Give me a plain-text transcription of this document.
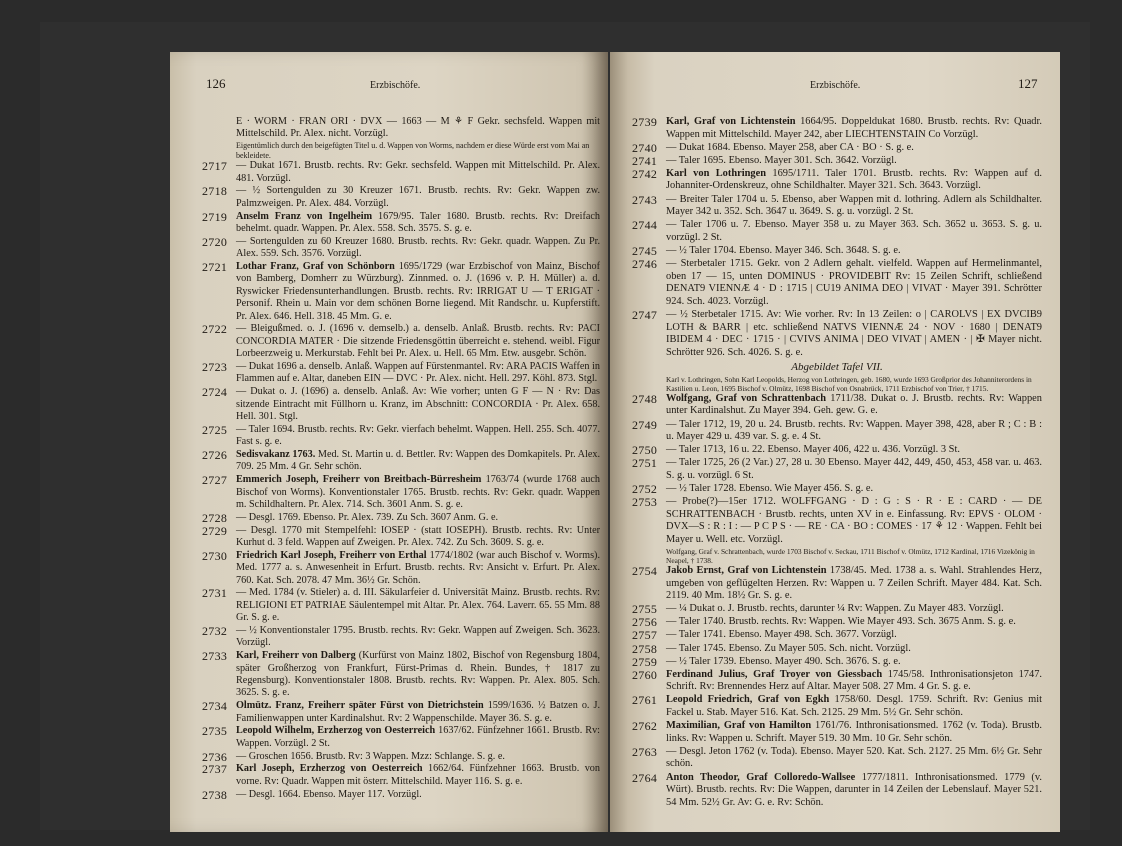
126	Erzbischöfe.
E · WORM · FRAN ORI · DVX — 1663 — M ⚘ F Gekr. sechsfeld. Wappen mit Mittelschild. Pr. Alex. nicht. Vorzügl.
Eigentümlich durch den beigefügten Titel u. d. Wappen von Worms, nachdem er diese Würde erst vom Mai an bekleidete.
2717 — Dukat 1671. Brustb. rechts. Rv: Gekr. sechsfeld. Wappen mit Mittelschild. Pr. Alex. 481. Vorzügl.
2718 — ½ Sortengulden zu 30 Kreuzer 1671. Brustb. rechts. Rv: Gekr. Wappen zw. Palmzweigen. Pr. Alex. 484. Vorzügl.
2719 Anselm Franz von Ingelheim 1679/95. Taler 1680. Brustb. rechts. Rv: Dreifach behelmt. quadr. Wappen. Pr. Alex. 558. Sch. 3575. S. g. e.
2720 — Sortengulden zu 60 Kreuzer 1680. Brustb. rechts. Rv: Gekr. quadr. Wappen. Zu Pr. Alex. 559. Sch. 3576. Vorzügl.
2721 Lothar Franz, Graf von Schönborn 1695/1729 (war Erzbischof von Mainz, Bischof von Bamberg, Domherr zu Würzburg). Zinnmed. o. J. (1696 v. P. H. Müller) a. d. Ryswicker Friedensunterhandlungen. Brustb. rechts. Rv: IRRIGAT U — T ERIGAT · Personif. Rhein u. Main vor dem schönen Borne liegend. Mit Randschr. u. Kupferstift. Pr. Alex. 646. Hell. 318. 45 Mm. G. e.
2722 — Bleigußmed. o. J. (1696 v. demselb.) a. denselb. Anlaß. Brustb. rechts. Rv: PACI CONCORDIA MATER · Die sitzende Friedensgöttin überreicht e. stehend. weibl. Figur Lorbeerzweig u. Merkurstab. Fehlt bei Pr. Alex. u. Hell. 65 Mm. Etw. ausgebr. Schön.
2723 — Dukat 1696 a. denselb. Anlaß. Wappen auf Fürstenmantel. Rv: ARA PACIS Waffen in Flammen auf e. Altar, daneben EIN — DVC · Pr. Alex. nicht. Hell. 297. Köhl. 873. Stgl.
2724 — Dukat o. J. (1696) a. denselb. Anlaß. Av: Wie vorher; unten G F — N · Rv: Das sitzende Eintracht mit Füllhorn u. Kranz, im Abschnitt: CONCORDIA · Pr. Alex. 658. Hell. 301. Stgl.
2725 — Taler 1694. Brustb. rechts. Rv: Gekr. vierfach behelmt. Wappen. Hell. 255. Sch. 4077. Fast s. g. e.
2726 Sedisvakanz 1763. Med. St. Martin u. d. Bettler. Rv: Wappen des Domkapitels. Pr. Alex. 709. 25 Mm. 4 Gr. Sehr schön.
2727 Emmerich Joseph, Freiherr von Breitbach-Bürresheim 1763/74 (wurde 1768 auch Bischof von Worms). Konventionstaler 1765. Brustb. rechts. Rv: Gekr. quadr. Wappen m. Schildhaltern. Pr. Alex. 714. Sch. 3601 Anm. S. g. e.
2728 — Desgl. 1769. Ebenso. Pr. Alex. 739. Zu Sch. 3607 Anm. G. e.
2729 — Desgl. 1770 mit Stempelfehl: IOSEP · (statt IOSEPH). Brustb. rechts. Rv: Unter Kurhut d. 3 feld. Wappen auf Zweigen. Pr. Alex. 742. Zu Sch. 3609. S. g. e.
2730 Friedrich Karl Joseph, Freiherr von Erthal 1774/1802 (war auch Bischof v. Worms). Med. 1777 a. s. Anwesenheit in Erfurt. Brustb. rechts. Rv: Ansicht v. Erfurt. Pr. Alex. 760. Kat. Sch. 2078. 47 Mm. 36½ Gr. Schön.
2731 — Med. 1784 (v. Stieler) a. d. III. Säkularfeier d. Universität Mainz. Brustb. rechts. Rv: RELIGIONI ET PATRIAE Säulentempel mit Altar. Pr. Alex. 764. Laverr. 65. 55 Mm. 88 Gr. S. g. e.
2732 — ½ Konventionstaler 1795. Brustb. rechts. Rv: Gekr. Wappen auf Zweigen. Sch. 3623. Vorzügl.
2733 Karl, Freiherr von Dalberg (Kurfürst von Mainz 1802, Bischof von Regensburg 1804, später Großherzog von Frankfurt, Fürst-Primas d. Rhein. Bundes, † 1817 zu Regensburg). Konventionstaler 1808. Brustb. rechts. Rv: Wappen. Pr. Alex. 805. Sch. 3625. S. g. e.
2734 Olmütz. Franz, Freiherr später Fürst von Dietrichstein 1599/1636. ½ Batzen o. J. Familienwappen unter Kardinalshut. Rv: 2 Wappenschilde. Mayer 36. S. g. e.
2735 Leopold Wilhelm, Erzherzog von Oesterreich 1637/62. Fünfzehner 1661. Brustb. Rv: Wappen. Vorzügl. 2 St.
2736 — Groschen 1656. Brustb. Rv: 3 Wappen. Mzz: Schlange. S. g. e.
2737 Karl Joseph, Erzherzog von Oesterreich 1662/64. Fünfzehner 1663. Brustb. von vorne. Rv: Quadr. Wappen mit österr. Mittelschild. Mayer 116. S. g. e.
2738 — Desgl. 1664. Ebenso. Mayer 117. Vorzügl.
Erzbischöfe.	127
2739 Karl, Graf von Lichtenstein 1664/95. Doppeldukat 1680. Brustb. rechts. Rv: Quadr. Wappen mit Mittelschild. Mayer 242, aber LIECHTENSTAIN Co Vorzügl.
2740 — Dukat 1684. Ebenso. Mayer 258, aber CA · BO · S. g. e.
2741 — Taler 1695. Ebenso. Mayer 301. Sch. 3642. Vorzügl.
2742 Karl von Lothringen 1695/1711. Taler 1701. Brustb. rechts. Rv: Wappen auf d. Johanniter-Ordenskreuz, ohne Schildhalter. Mayer 321. Sch. 3643. Vorzügl.
2743 — Breiter Taler 1704 u. 5. Ebenso, aber Wappen mit d. lothring. Adlern als Schildhalter. Mayer 342 u. 352. Sch. 3647 u. 3649. S. g. u. vorzügl. 2 St.
2744 — Taler 1706 u. 7. Ebenso. Mayer 358 u. zu Mayer 363. Sch. 3652 u. 3653. S. g. u. vorzügl. 2 St.
2745 — ½ Taler 1704. Ebenso. Mayer 346. Sch. 3648. S. g. e.
2746 — Sterbetaler 1715. Gekr. von 2 Adlern gehalt. vielfeld. Wappen auf Hermelinmantel, oben 17 — 15, unten DOMINUS · PROVIDEBIT Rv: 15 Zeilen Schrift, schließend DENAT9 VIENNÆ 4 · D : 1715 | CU19 ANIMA DEO | VIVAT · Mayer 391. Schrötter 924. Sch. 4023. Vorzügl.
2747 — ½ Sterbetaler 1715. Av: Wie vorher. Rv: In 13 Zeilen: o | CAROLVS | EX DVCIB9 LOTH & BARR | etc. schließend NATVS VIENNÆ 24 · NOV · 1680 | DENAT9 IBIDEM 4 · DEC · 1715 · | CVIVS ANIMA | DEO VIVAT | AMEN · | ✠ Mayer nicht. Schrötter 926. Sch. 4026. S. g. e.
Abgebildet Tafel VII.
Karl v. Lothringen, Sohn Karl Leopolds, Herzog von Lothringen, geb. 1680, wurde 1693 Großprior des Johanniterordens in Kastilien u. Leon, 1695 Bischof v. Olmütz, 1698 Bischof von Osnabrück, 1711 Erzbischof von Trier, † 1715.
2748 Wolfgang, Graf von Schrattenbach 1711/38. Dukat o. J. Brustb. rechts. Rv: Wappen unter Kardinalshut. Zu Mayer 394. Geh. gew. G. e.
2749 — Taler 1712, 19, 20 u. 24. Brustb. rechts. Rv: Wappen. Mayer 398, 428, aber R ; C : B : u. Mayer 429 u. 439 var. S. g. e. 4 St.
2750 — Taler 1713, 16 u. 22. Ebenso. Mayer 406, 422 u. 436. Vorzügl. 3 St.
2751 — Taler 1725, 26 (2 Var.) 27, 28 u. 30 Ebenso. Mayer 442, 449, 450, 453, 458 var. u. 463. S. g. u. vorzügl. 6 St.
2752 — ½ Taler 1728. Ebenso. Wie Mayer 456. S. g. e.
2753 — Probe(?)—15er 1712. WOLFFGANG · D : G : S · R · E : CARD · — DE SCHRATTENBACH · Brustb. rechts, unten XV in e. Einfassung. Rv: EPVS · OLOM · DVX—S : R : I : — P C P S · — RE · CA · BO : COMES · 17 ⚘ 12 · Wappen. Fehlt bei Mayer u. Well. etc. Vorzügl.
Wolfgang, Graf v. Schrattenbach, wurde 1703 Bischof v. Seckau, 1711 Bischof v. Olmütz, 1712 Kardinal, 1716 Vizekönig in Neapel, † 1738.
2754 Jakob Ernst, Graf von Lichtenstein 1738/45. Med. 1738 a. s. Wahl. Strahlendes Herz, umgeben von geflügelten Herzen. Rv: Wappen u. 7 Zeilen Schrift. Mayer 484. Kat. Sch. 2119. 40 Mm. 18½ Gr. S. g. e.
2755 — ¼ Dukat o. J. Brustb. rechts, darunter ¼ Rv: Wappen. Zu Mayer 483. Vorzügl.
2756 — Taler 1740. Brustb. rechts. Rv: Wappen. Wie Mayer 493. Sch. 3675 Anm. S. g. e.
2757 — Taler 1741. Ebenso. Mayer 498. Sch. 3677. Vorzügl.
2758 — Taler 1745. Ebenso. Zu Mayer 505. Sch. nicht. Vorzügl.
2759 — ½ Taler 1739. Ebenso. Mayer 490. Sch. 3676. S. g. e.
2760 Ferdinand Julius, Graf Troyer von Giessbach 1745/58. Inthronisationsjeton 1747. Schrift. Rv: Brennendes Herz auf Altar. Mayer 508. 27 Mm. 4 Gr. S. g. e.
2761 Leopold Friedrich, Graf von Egkh 1758/60. Desgl. 1759. Schrift. Rv: Genius mit Fackel u. Stab. Mayer 516. Kat. Sch. 2125. 29 Mm. 5½ Gr. Sehr schön.
2762 Maximilian, Graf von Hamilton 1761/76. Inthronisationsmed. 1762 (v. Toda). Brustb. links. Rv: Wappen u. Schrift. Mayer 519. 30 Mm. 10 Gr. Sehr schön.
2763 — Desgl. Jeton 1762 (v. Toda). Ebenso. Mayer 520. Kat. Sch. 2127. 25 Mm. 6½ Gr. Sehr schön.
2764 Anton Theodor, Graf Colloredo-Wallsee 1777/1811. Inthronisationsmed. 1779 (v. Würt). Brustb. rechts. Rv: Die Wappen, darunter in 14 Zeilen der Lebenslauf. Mayer 521. 54 Mm. 52½ Gr. Av: G. e. Rv: Schön.
